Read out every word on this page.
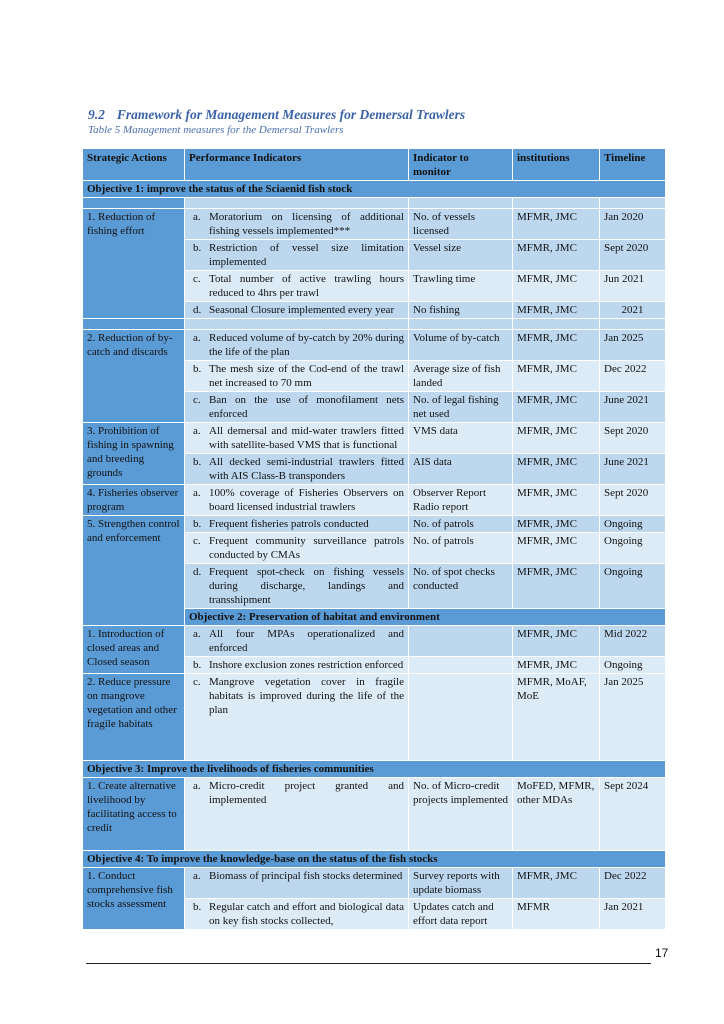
9.2 Framework for Management Measures for Demersal Trawlers
Table 5 Management measures for the Demersal Trawlers
Strategic Actions	Performance Indicators	Indicator to monitor	institutions	Timeline
Objective 1: improve the status of the Sciaenid fish stock				

1. Reduction of fishing effort	a. Moratorium on licensing of additional fishing vessels implemented***	No. of vessels licensed	MFMR, JMC	Jan 2020

	b. Restriction of vessel size limitation implemented	Vessel size	MFMR, JMC	Sept 2020

	c. Total number of active trawling hours reduced to 4hrs per trawl	Trawling time	MFMR, JMC	Jun 2021

	d. Seasonal Closure implemented every year	No fishing	MFMR, JMC	2021

2. Reduction of by-catch and discards	a. Reduced volume of by-catch by 20% during the life of the plan	Volume of by-catch	MFMR, JMC	Jan 2025

	b. The mesh size of the Cod-end of the trawl net increased to 70 mm	Average size of fish landed	MFMR, JMC	Dec 2022

	c. Ban on the use of monofilament nets enforced	No. of legal fishing net used	MFMR, JMC	June 2021
3. Prohibition of fishing in spawning and breeding grounds	a. All demersal and mid-water trawlers fitted with satellite-based VMS that is functional	VMS data	MFMR, JMC	Sept 2020

	b. All decked semi-industrial trawlers fitted with AIS Class-B transponders	AIS data	MFMR, JMC	June 2021
4. Fisheries observer program	a. 100% coverage of Fisheries Observers on board licensed industrial trawlers	Observer Report Radio report	MFMR, JMC	Sept 2020
5. Strengthen control and enforcement	b. Frequent fisheries patrols conducted	No. of patrols	MFMR, JMC	Ongoing

	c. Frequent community surveillance patrols conducted by CMAs	No. of patrols	MFMR, JMC	Ongoing

	d. Frequent spot-check on fishing vessels during discharge, landings and transshipment	No. of spot checks conducted	MFMR, JMC	Ongoing
	Objective 2: Preservation of habitat and environment			
1. Introduction of closed areas and Closed season	a. All four MPAs operationalized and enforced		MFMR, JMC	Mid 2022

	b. Inshore exclusion zones restriction enforced		MFMR, JMC	Ongoing
2. Reduce pressure on mangrove vegetation and other fragile habitats	c. Mangrove vegetation cover in fragile habitats is improved during the life of the plan		MFMR, MoAF, MoE	Jan 2025
Objective 3: Improve the livelihoods of fisheries communities				
1. Create alternative livelihood by facilitating access to credit	a. Micro-credit project granted and implemented	No. of Micro-credit projects implemented	MoFED, MFMR, other MDAs	Sept 2024
Objective 4: To improve the knowledge-base on the status of the fish stocks				
1. Conduct comprehensive fish stocks assessment	a. Biomass of principal fish stocks determined	Survey reports with update biomass	MFMR, JMC	Dec 2022

	b. Regular catch and effort and biological data on key fish stocks collected,	Updates catch and effort data report	MFMR	Jan 2021
17
